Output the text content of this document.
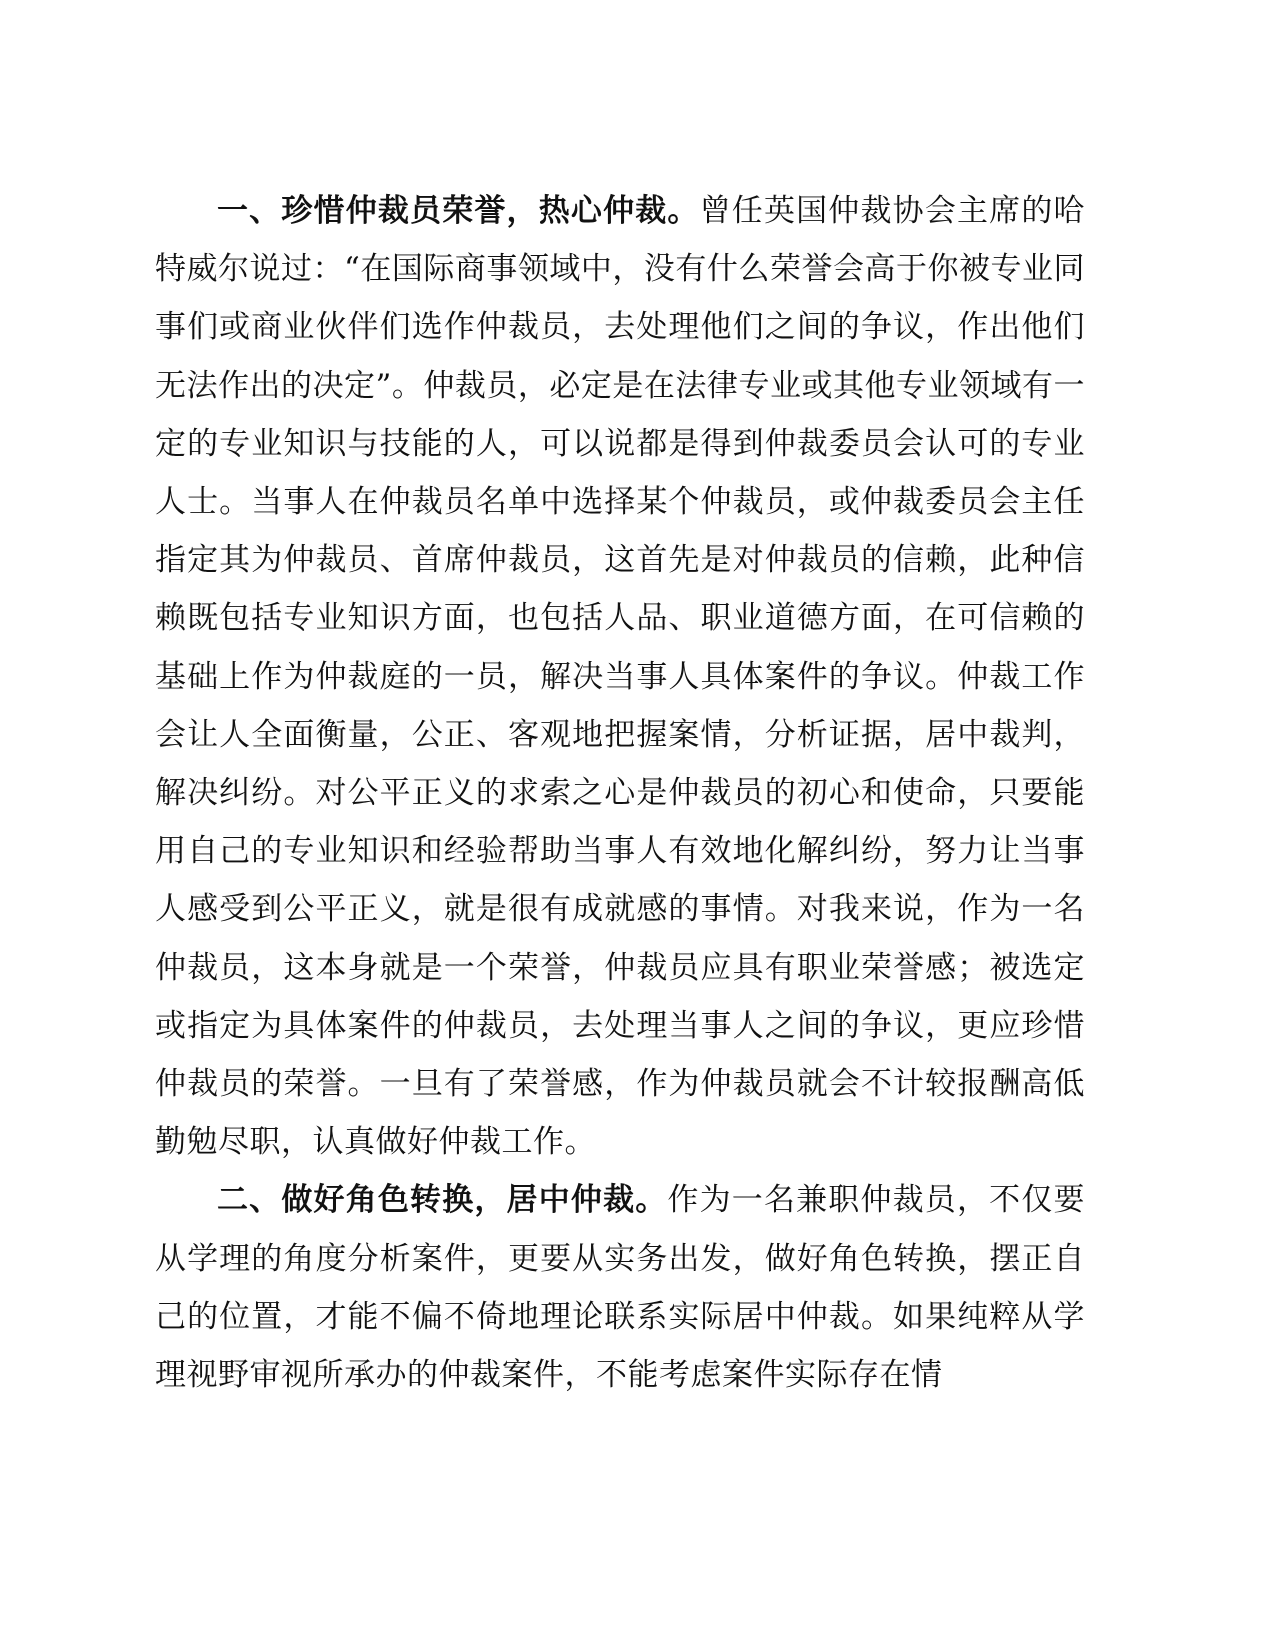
一、珍惜仲裁员荣誉，热心仲裁。曾任英国仲裁协会主席的哈特威尔说过：“在国际商事领域中，没有什么荣誉会高于你被专业同事们或商业伙伴们选作仲裁员，去处理他们之间的争议，作出他们无法作出的决定”。仲裁员，必定是在法律专业或其他专业领域有一定的专业知识与技能的人，可以说都是得到仲裁委员会认可的专业人士。当事人在仲裁员名单中选择某个仲裁员，或仲裁委员会主任指定其为仲裁员、首席仲裁员，这首先是对仲裁员的信赖，此种信赖既包括专业知识方面，也包括人品、职业道德方面，在可信赖的基础上作为仲裁庭的一员，解决当事人具体案件的争议。仲裁工作会让人全面衡量，公正、客观地把握案情，分析证据，居中裁判，解决纠纷。对公平正义的求索之心是仲裁员的初心和使命，只要能用自己的专业知识和经验帮助当事人有效地化解纠纷，努力让当事人感受到公平正义，就是很有成就感的事情。对我来说，作为一名仲裁员，这本身就是一个荣誉，仲裁员应具有职业荣誉感；被选定或指定为具体案件的仲裁员，去处理当事人之间的争议，更应珍惜仲裁员的荣誉。一旦有了荣誉感，作为仲裁员就会不计较报酬高低勤勉尽职，认真做好仲裁工作。

二、做好角色转换，居中仲裁。作为一名兼职仲裁员，不仅要从学理的角度分析案件，更要从实务出发，做好角色转换，摆正自己的位置，才能不偏不倚地理论联系实际居中仲裁。如果纯粹从学理视野审视所承办的仲裁案件，不能考虑案件实际存在情
